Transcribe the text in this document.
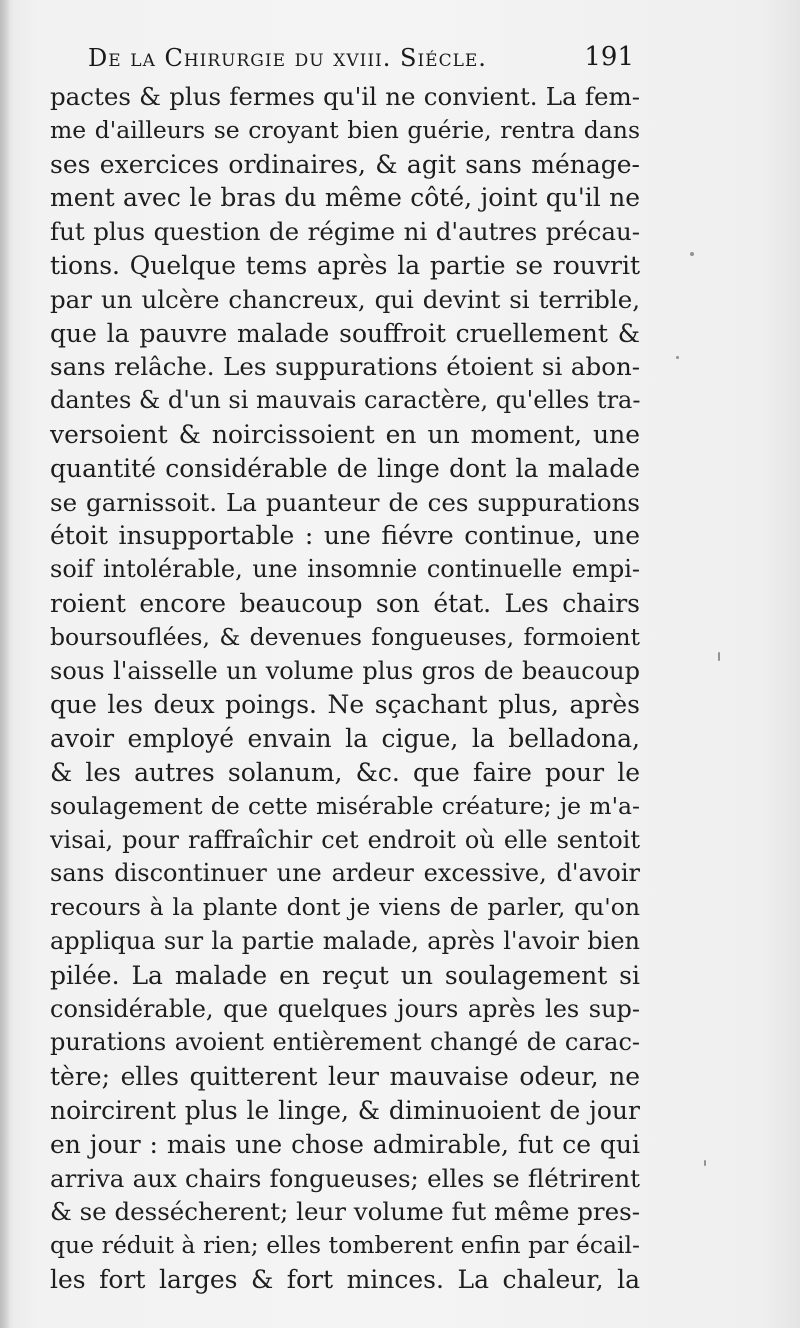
De la Chirurgie du xviii. Siécle.	191
pactes & plus fermes qu'il ne convient. La fem-
me d'ailleurs se croyant bien guérie, rentra dans
ses exercices ordinaires, & agit sans ménage-
ment avec le bras du même côté, joint qu'il ne
fut plus question de régime ni d'autres précau-
tions. Quelque tems après la partie se rouvrit
par un ulcère chancreux, qui devint si terrible,
que la pauvre malade souffroit cruellement &
sans relâche. Les suppurations étoient si abon-
dantes & d'un si mauvais caractère, qu'elles tra-
versoient & noircissoient en un moment, une
quantité considérable de linge dont la malade
se garnissoit. La puanteur de ces suppurations
étoit insupportable : une fiévre continue, une
soif intolérable, une insomnie continuelle empi-
roient encore beaucoup son état. Les chairs
boursouflées, & devenues fongueuses, formoient
sous l'aisselle un volume plus gros de beaucoup
que les deux poings. Ne sçachant plus, après
avoir employé envain la cigue, la belladona,
& les autres solanum, &c. que faire pour le
soulagement de cette misérable créature; je m'a-
visai, pour raffraîchir cet endroit où elle sentoit
sans discontinuer une ardeur excessive, d'avoir
recours à la plante dont je viens de parler, qu'on
appliqua sur la partie malade, après l'avoir bien
pilée. La malade en reçut un soulagement si
considérable, que quelques jours après les sup-
purations avoient entièrement changé de carac-
tère; elles quitterent leur mauvaise odeur, ne
noircirent plus le linge, & diminuoient de jour
en jour : mais une chose admirable, fut ce qui
arriva aux chairs fongueuses; elles se flétrirent
& se dessécherent; leur volume fut même pres-
que réduit à rien; elles tomberent enfin par écail-
les fort larges & fort minces. La chaleur, la
